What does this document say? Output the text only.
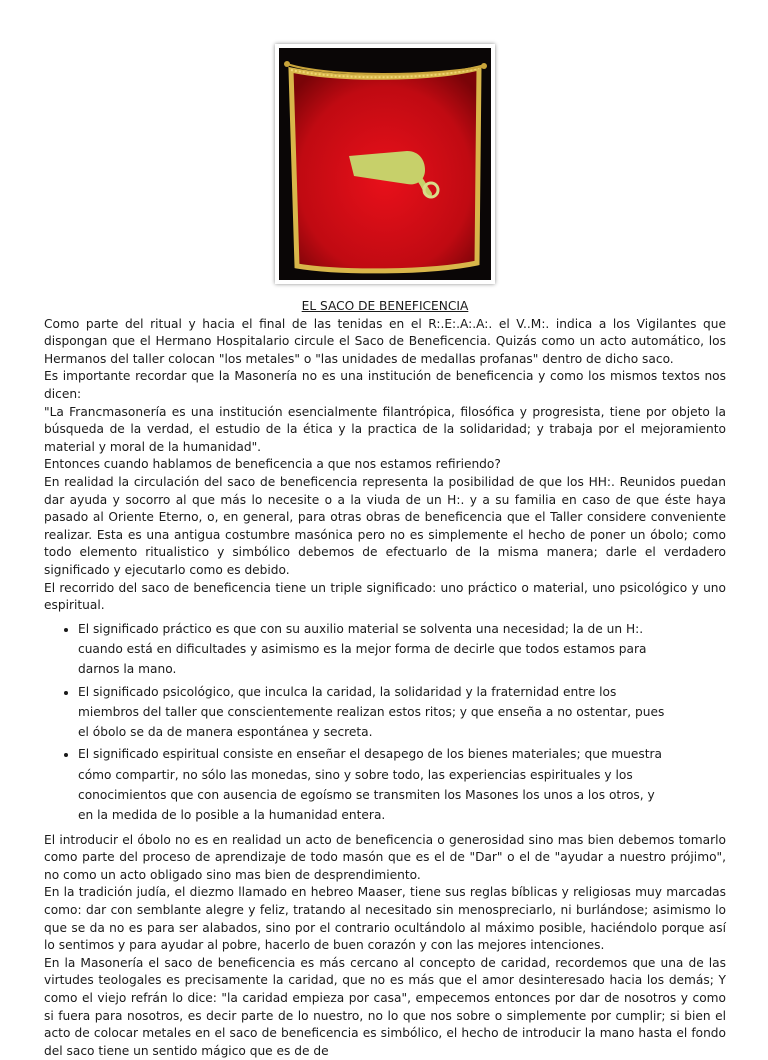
EL SACO DE BENEFICENCIA

Como parte del ritual y hacia el final de las tenidas en el R:.E:.A:.A:. el V..M:. indica a los Vigilantes que dispongan que el Hermano Hospitalario circule el Saco de Beneficencia. Quizás como un acto automático, los Hermanos del taller colocan "los metales" o "las unidades de medallas profanas" dentro de dicho saco.

Es importante recordar que la Masonería no es una institución de beneficencia y como los mismos textos nos dicen:

"La Francmasonería es una institución esencialmente filantrópica, filosófica y progresista, tiene por objeto la búsqueda de la verdad, el estudio de la ética y la practica de la solidaridad; y trabaja por el mejoramiento material y moral de la humanidad".

Entonces cuando hablamos de beneficencia a que nos estamos refiriendo?

En realidad la circulación del saco de beneficencia representa la posibilidad de que los HH:. Reunidos puedan dar ayuda y socorro al que más lo necesite o a la viuda de un H:. y a su familia en caso de que éste haya pasado al Oriente Eterno, o, en general, para otras obras de beneficencia que el Taller considere conveniente realizar. Esta es una antigua costumbre masónica pero no es simplemente el hecho de poner un óbolo; como todo elemento ritualistico y simbólico debemos de efectuarlo de la misma manera; darle el verdadero significado y ejecutarlo como es debido.

El recorrido del saco de beneficencia tiene un triple significado: uno práctico o material, uno psicológico y uno espiritual.

• El significado práctico es que con su auxilio material se solventa una necesidad; la de un H:. cuando está en dificultades y asimismo es la mejor forma de decirle que todos estamos para darnos la mano.
• El significado psicológico, que inculca la caridad, la solidaridad y la fraternidad entre los miembros del taller que conscientemente realizan estos ritos; y que enseña a no ostentar, pues el óbolo se da de manera espontánea y secreta.
• El significado espiritual consiste en enseñar el desapego de los bienes materiales; que muestra cómo compartir, no sólo las monedas, sino y sobre todo, las experiencias espirituales y los conocimientos que con ausencia de egoísmo se transmiten los Masones los unos a los otros, y en la medida de lo posible a la humanidad entera.

El introducir el óbolo no es en realidad un acto de beneficencia o generosidad sino mas bien debemos tomarlo como parte del proceso de aprendizaje de todo masón que es el de "Dar" o el de "ayudar a nuestro prójimo", no como un acto obligado sino mas bien de desprendimiento.

En la tradición judía, el diezmo llamado en hebreo Maaser, tiene sus reglas bíblicas y religiosas muy marcadas como: dar con semblante alegre y feliz, tratando al necesitado sin menospreciarlo, ni burlándose; asimismo lo que se da no es para ser alabados, sino por el contrario ocultándolo al máximo posible, haciéndolo porque así lo sentimos y para ayudar al pobre, hacerlo de buen corazón y con las mejores intenciones.

En la Masonería el saco de beneficencia es más cercano al concepto de caridad, recordemos que una de las virtudes teologales es precisamente la caridad, que no es más que el amor desinteresado hacia los demás; Y como el viejo refrán lo dice: "la caridad empieza por casa", empecemos entonces por dar de nosotros y como si fuera para nosotros, es decir parte de lo nuestro, no lo que nos sobre o simplemente por cumplir; si bien el acto de colocar metales en el saco de beneficencia es simbólico, el hecho de introducir la mano hasta el fondo del saco tiene un sentido mágico que es de de
